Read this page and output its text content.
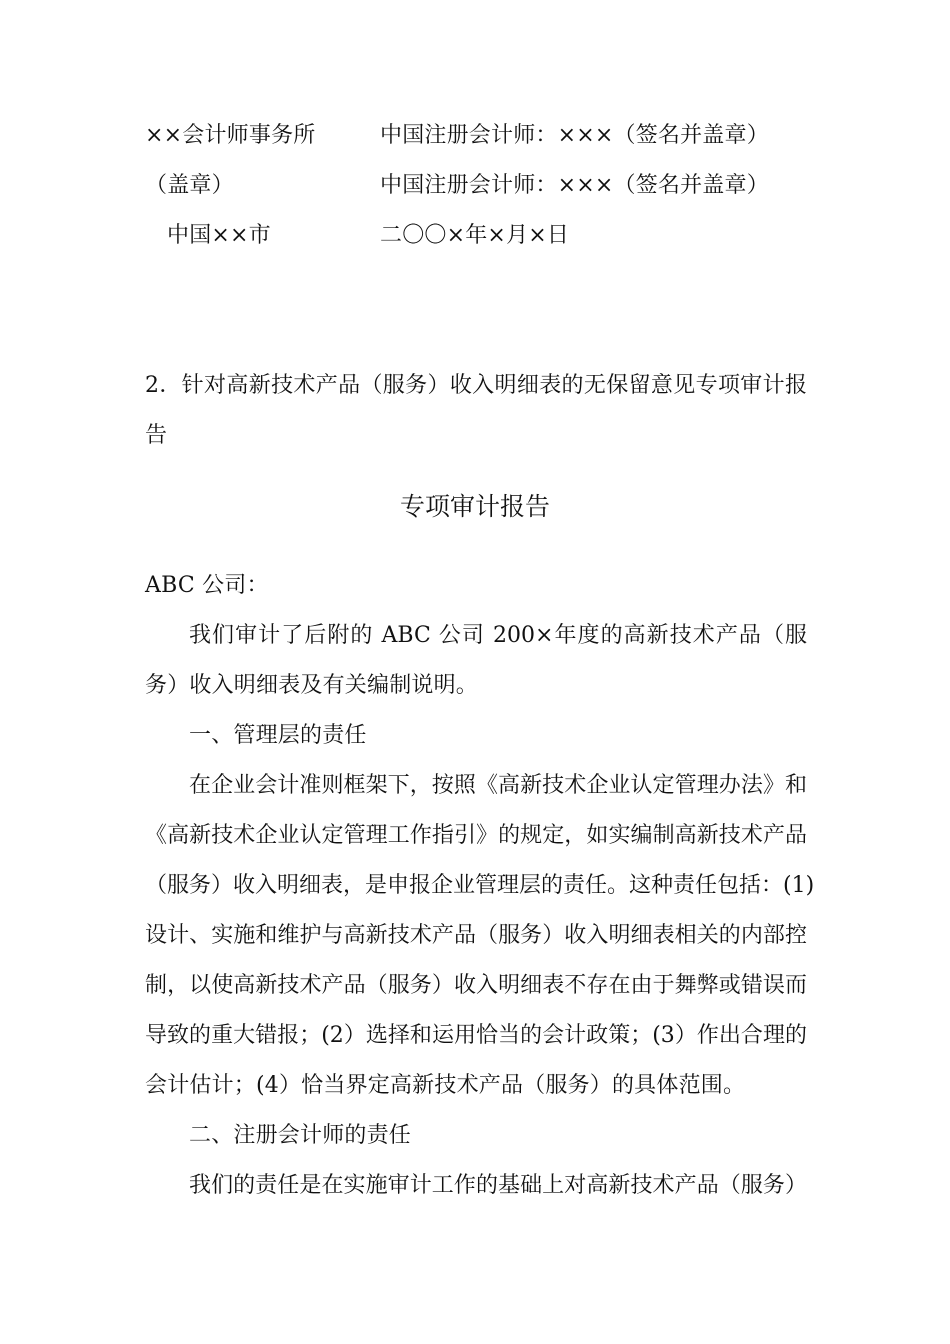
××会计师事务所	中国注册会计师：×××（签名并盖章）
（盖章）	中国注册会计师：×××（签名并盖章）
中国××市	二〇〇×年×月×日
2．针对高新技术产品（服务）收入明细表的无保留意见专项审计报
告
专项审计报告
ABC 公司：
我们审计了后附的 ABC 公司 200×年度的高新技术产品（服
务）收入明细表及有关编制说明。
一、管理层的责任
在企业会计准则框架下，按照《高新技术企业认定管理办法》和
《高新技术企业认定管理工作指引》的规定，如实编制高新技术产品
（服务）收入明细表，是申报企业管理层的责任。这种责任包括：(1)
设计、实施和维护与高新技术产品（服务）收入明细表相关的内部控
制，以使高新技术产品（服务）收入明细表不存在由于舞弊或错误而
导致的重大错报；(2）选择和运用恰当的会计政策；(3）作出合理的
会计估计；(4）恰当界定高新技术产品（服务）的具体范围。
二、注册会计师的责任
我们的责任是在实施审计工作的基础上对高新技术产品（服务）
